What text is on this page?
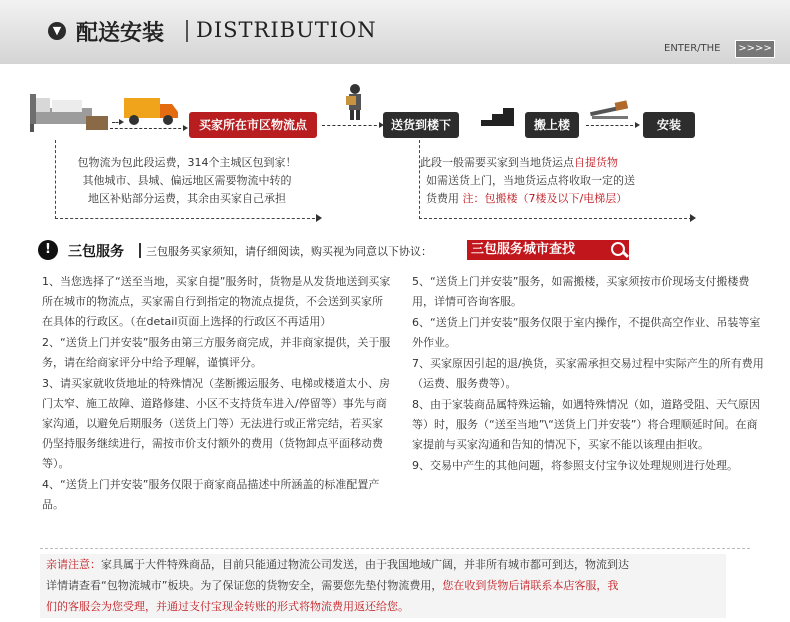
▼ 配送安装 DISTRIBUTION
ENTER/THE	>>>>
买家所在市区物流点	送货到楼下	搬上楼	安装
包物流为包此段运费，314个主城区包到家！
其他城市、县城、偏远地区需要物流中转的
地区补贴部分运费，其余由买家自己承担
此段一般需要买家到当地货运点自提货物
如需送货上门，当地货运点将收取一定的送
货费用 注：包搬楼（7楼及以下/电梯层）
!	三包服务 三包服务买家须知，请仔细阅读，购买视为同意以下协议：	三包服务城市查找

1、当您选择了“送至当地，买家自提”服务时，货物是从发货地送到买家所在城市的物流点，买家需自行到指定的物流点提货，不会送到买家所在具体的行政区。（在detail页面上选择的行政区不再适用）

2、“送货上门并安装”服务由第三方服务商完成，并非商家提供，关于服务，请在给商家评分中给予理解，谨慎评分。

3、请买家就收货地址的特殊情况（垄断搬运服务、电梯或楼道太小、房门太窄、施工故障、道路修建、小区不支持货车进入/停留等）事先与商家沟通，以避免后期服务（送货上门等）无法进行或正常完结，若买家仍坚持服务继续进行，需按市价支付额外的费用（货物卸点平面移动费等）。

4、“送货上门并安装”服务仅限于商家商品描述中所涵盖的标准配置产品。

5、“送货上门并安装”服务，如需搬楼，买家须按市价现场支付搬楼费用，详情可咨询客服。

6、“送货上门并安装”服务仅限于室内操作，不提供高空作业、吊装等室外作业。

7、买家原因引起的退/换货，买家需承担交易过程中实际产生的所有费用（运费、服务费等）。

8、由于家装商品属特殊运输，如遇特殊情况（如，道路受阻、天气原因等）时，服务（“送至当地”\“送货上门并安装”）将合理顺延时间。在商家提前与买家沟通和告知的情况下，买家不能以该理由拒收。

9、交易中产生的其他问题，将参照支付宝争议处理规则进行处理。

亲请注意：家具属于大件特殊商品，目前只能通过物流公司发送，由于我国地域广阔，并非所有城市都可到达，物流到达
详情请查看“包物流城市”板块。为了保证您的货物安全，需要您先垫付物流费用，您在收到货物后请联系本店客服，我
们的客服会为您受理，并通过支付宝现金转账的形式将物流费用返还给您。
